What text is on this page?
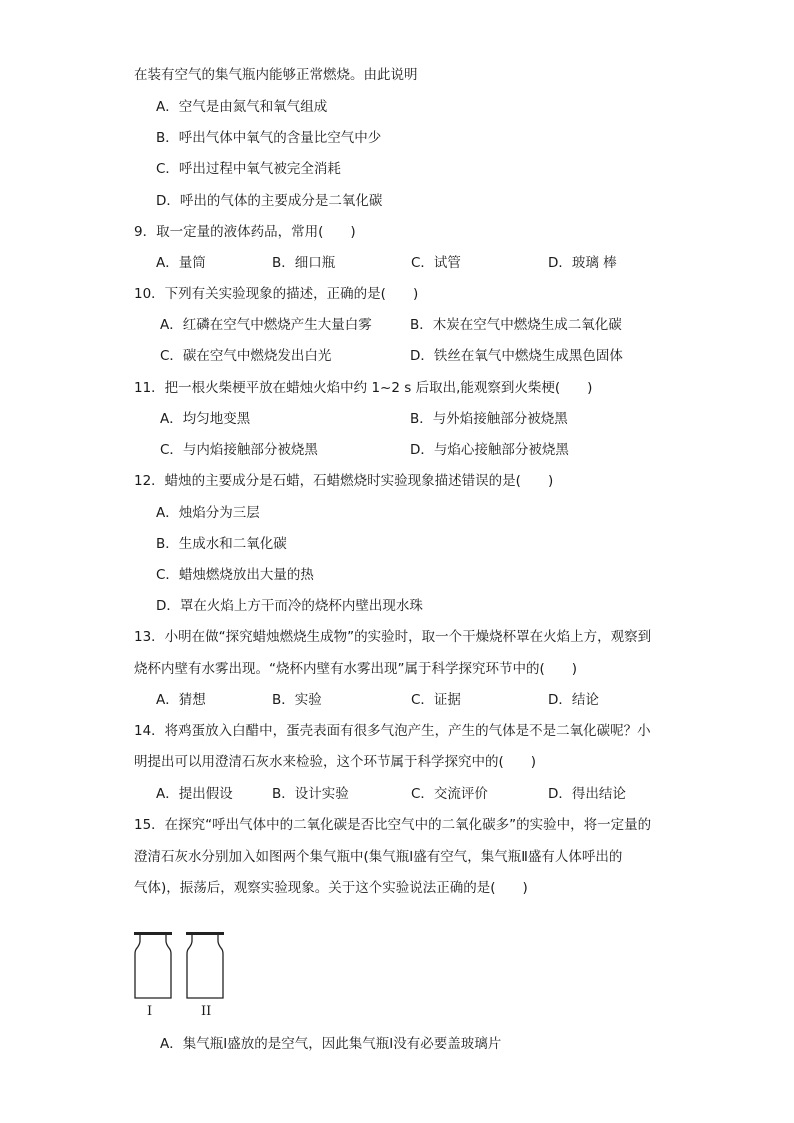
在装有空气的集气瓶内能够正常燃烧。由此说明
A．空气是由氮气和氧气组成
B．呼出气体中氧气的含量比空气中少
C．呼出过程中氧气被完全消耗
D．呼出的气体的主要成分是二氧化碳
9．取一定量的液体药品，常用(　　)
A．量筒	B．细口瓶	C．试管	D．玻璃 棒
10．下列有关实验现象的描述，正确的是(　　)
A．红磷在空气中燃烧产生大量白雾	B．木炭在空气中燃烧生成二氧化碳
C．碳在空气中燃烧发出白光	D．铁丝在氧气中燃烧生成黑色固体
11．把一根火柴梗平放在蜡烛火焰中约 1~2 s 后取出,能观察到火柴梗(　　)
A．均匀地变黑	B．与外焰接触部分被烧黑
C．与内焰接触部分被烧黑	D．与焰心接触部分被烧黑
12．蜡烛的主要成分是石蜡，石蜡燃烧时实验现象描述错误的是(　　)
A．烛焰分为三层
B．生成水和二氧化碳
C．蜡烛燃烧放出大量的热
D．罩在火焰上方干而冷的烧杯内壁出现水珠
13．小明在做“探究蜡烛燃烧生成物”的实验时，取一个干燥烧杯罩在火焰上方，观察到
烧杯内壁有水雾出现。“烧杯内壁有水雾出现”属于科学探究环节中的(　　)
A．猜想	B．实验	C．证据	D．结论
14．将鸡蛋放入白醋中，蛋壳表面有很多气泡产生，产生的气体是不是二氧化碳呢？小
明提出可以用澄清石灰水来检验，这个环节属于科学探究中的(　　)
A．提出假设	B．设计实验	C．交流评价	D．得出结论
15．在探究“呼出气体中的二氧化碳是否比空气中的二氧化碳多”的实验中，将一定量的
澄清石灰水分别加入如图两个集气瓶中(集气瓶Ⅰ盛有空气，集气瓶Ⅱ盛有人体呼出的
气体)，振荡后，观察实验现象。关于这个实验说法正确的是(　　)
I	II
A．集气瓶Ⅰ盛放的是空气，因此集气瓶Ⅰ没有必要盖玻璃片
